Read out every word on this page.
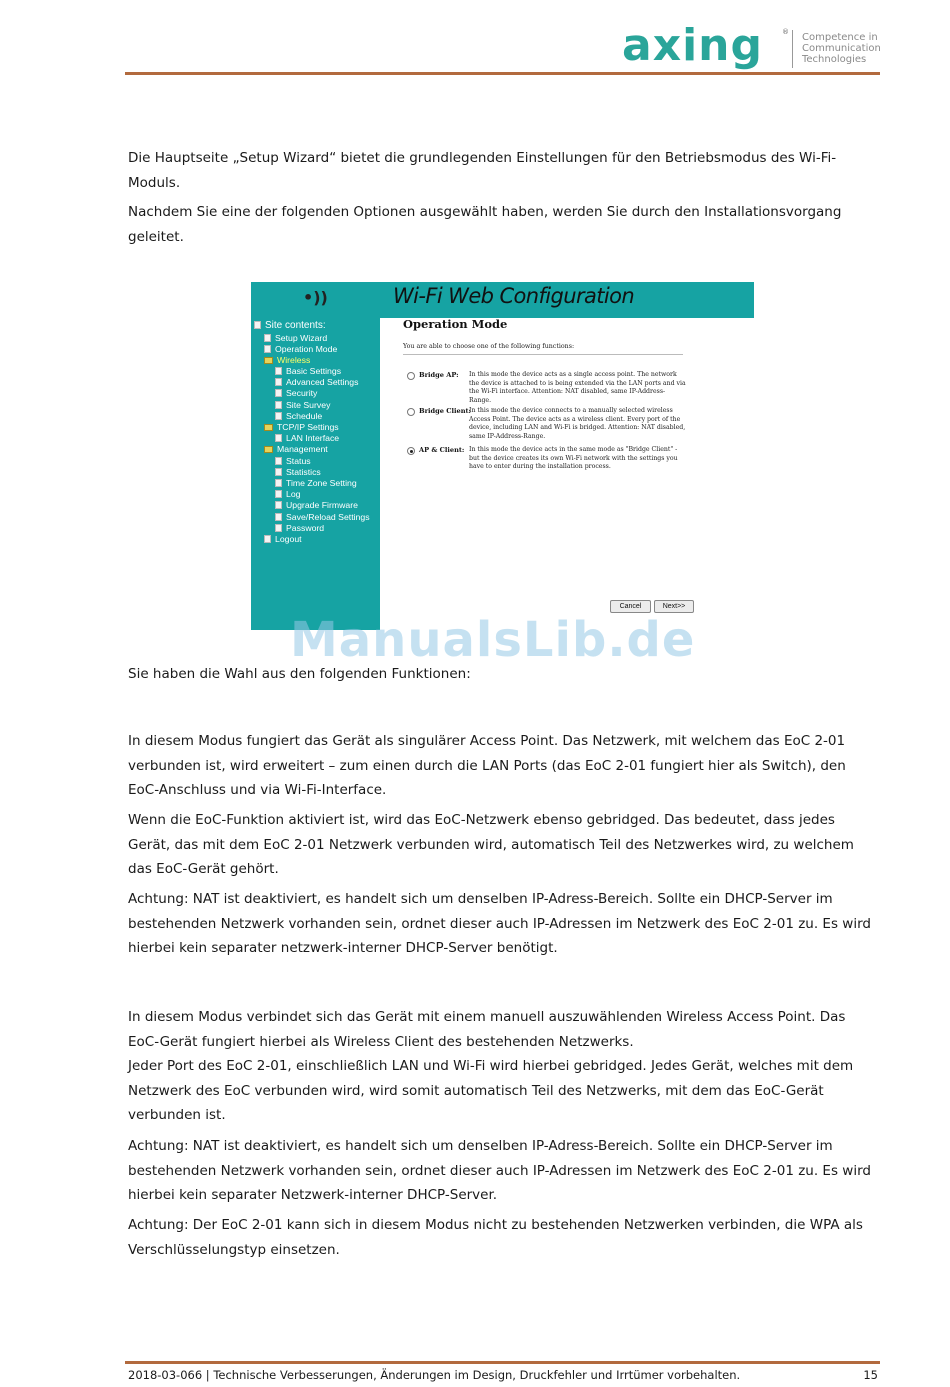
axing	® Competence in
Communication
Technologies
Die Hauptseite „Setup Wizard“ bietet die grundlegenden Einstellungen für den Betriebsmodus des Wi-Fi-Moduls.
Nachdem Sie eine der folgenden Optionen ausgewählt haben, werden Sie durch den Installationsvorgang geleitet.
•))	Wi-Fi Web Configuration
Site contents:
Setup Wizard
Operation Mode
Wireless
Basic Settings
Advanced Settings
Security
Site Survey
Schedule
TCP/IP Settings
LAN Interface
Management
Status
Statistics
Time Zone Setting
Log
Upgrade Firmware
Save/Reload Settings
Password
Logout
Operation Mode
You are able to choose one of the following functions:
Bridge AP: In this mode the device acts as a single access point. The network the device is attached to is being extended via the LAN ports and via the Wi-Fi interface. Attention: NAT disabled, same IP-Address-Range.
Bridge Client:
In this mode the device connects to a manually selected wireless Access Point. The device acts as a wireless client. Every port of the device, including LAN and Wi-Fi is bridged. Attention: NAT disabled, same IP-Address-Range.
AP & Client: In this mode the device acts in the same mode as "Bridge Client" - but the device creates its own Wi-Fi network with the settings you have to enter during the installation process.
Cancel	Next>>
ManualsLib.de
Sie haben die Wahl aus den folgenden Funktionen:
In diesem Modus fungiert das Gerät als singulärer Access Point. Das Netzwerk, mit welchem das EoC 2-01 verbunden ist, wird erweitert – zum einen durch die LAN Ports (das EoC 2-01 fungiert hier als Switch), den EoC-Anschluss und via Wi-Fi-Interface.
Wenn die EoC-Funktion aktiviert ist, wird das EoC-Netzwerk ebenso gebridged. Das bedeutet, dass jedes Gerät, das mit dem EoC 2-01 Netzwerk verbunden wird, automatisch Teil des Netzwerkes wird, zu welchem das EoC-Gerät gehört.
Achtung: NAT ist deaktiviert, es handelt sich um denselben IP-Adress-Bereich. Sollte ein DHCP-Server im bestehenden Netzwerk vorhanden sein, ordnet dieser auch IP-Adressen im Netzwerk des EoC 2-01 zu. Es wird hierbei kein separater netzwerk-interner DHCP-Server benötigt.
In diesem Modus verbindet sich das Gerät mit einem manuell auszuwählenden Wireless Access Point. Das EoC-Gerät fungiert hierbei als Wireless Client des bestehenden Netzwerks.
Jeder Port des EoC 2-01, einschließlich LAN und Wi-Fi wird hierbei gebridged. Jedes Gerät, welches mit dem Netzwerk des EoC verbunden wird, wird somit automatisch Teil des Netzwerks, mit dem das EoC-Gerät verbunden ist.
Achtung: NAT ist deaktiviert, es handelt sich um denselben IP-Adress-Bereich. Sollte ein DHCP-Server im bestehenden Netzwerk vorhanden sein, ordnet dieser auch IP-Adressen im Netzwerk des EoC 2-01 zu. Es wird hierbei kein separater Netzwerk-interner DHCP-Server.
Achtung: Der EoC 2-01 kann sich in diesem Modus nicht zu bestehenden Netzwerken verbinden, die WPA als Verschlüsselungstyp einsetzen.
2018-03-066 | Technische Verbesserungen, Änderungen im Design, Druckfehler und Irrtümer vorbehalten.	15
